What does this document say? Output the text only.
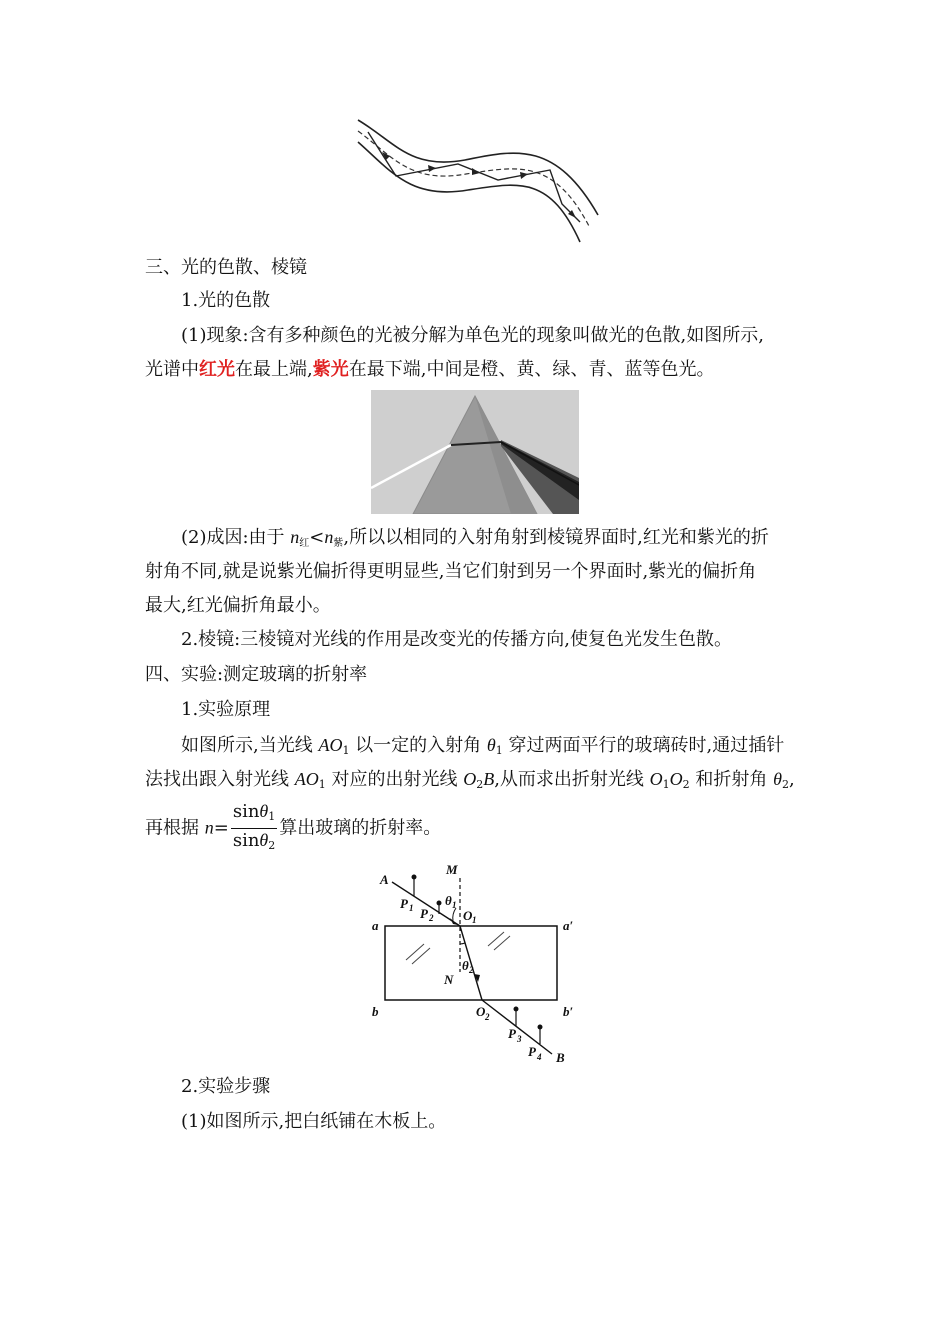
三、光的色散、棱镜
1.光的色散
(1)现象:含有多种颜色的光被分解为单色光的现象叫做光的色散,如图所示,
光谱中红光在最上端,紫光在最下端,中间是橙、黄、绿、青、蓝等色光。
(2)成因:由于 n红<n紫,所以以相同的入射角射到棱镜界面时,红光和紫光的折
射角不同,就是说紫光偏折得更明显些,当它们射到另一个界面时,紫光的偏折角
最大,红光偏折角最小。
2.棱镜:三棱镜对光线的作用是改变光的传播方向,使复色光发生色散。
四、实验:测定玻璃的折射率
1.实验原理
如图所示,当光线 $AO_1$ 以一定的入射角 $\theta_1$ 穿过两面平行的玻璃砖时,通过插针
法找出跟入射光线 $AO_1$ 对应的出射光线 $O_2B$,从而求出折射光线 $O_1O_2$ 和折射角 $\theta_2$,
再根据 $n= \frac{\sin\theta_1}{\sin\theta_2}$ 算出玻璃的折射率。
A
M
P 1 P 2
θ 1
O 1
θ 2
N
a	a′
b	b′
O 2
P 3
P 4 B
2.实验步骤
(1)如图所示,把白纸铺在木板上。
